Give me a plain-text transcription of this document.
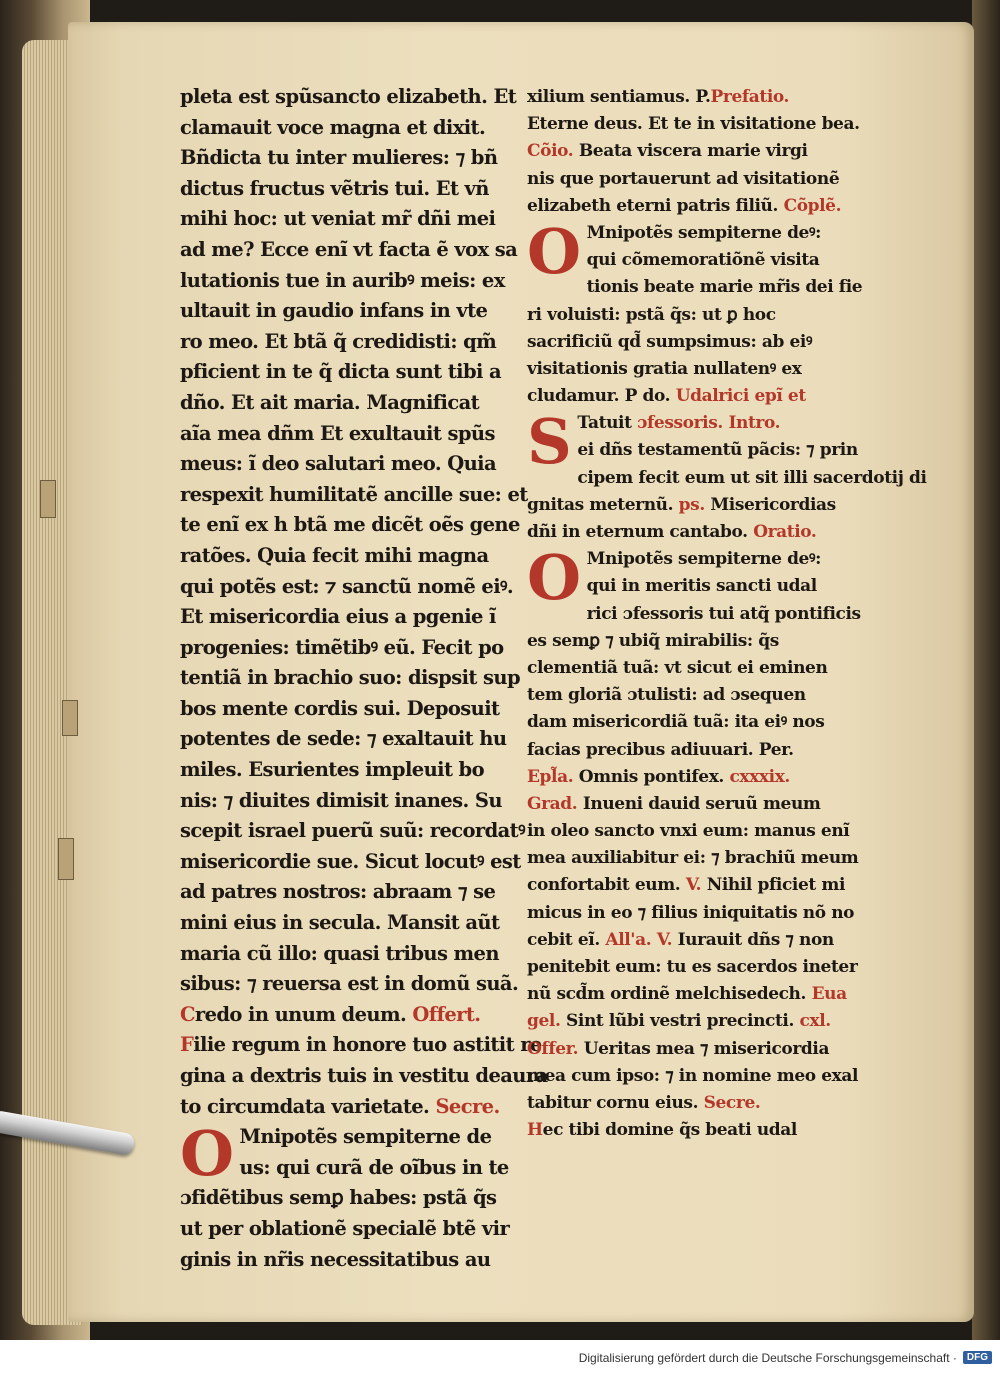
pleta est spũsancto elizabeth. Et
clamauit voce magna et dixit.
Bñdicta tu inter mulieres: ⁊ bñ
dictus fructus vẽtris tui. Et vñ
mihi hoc: ut veniat mr̃ dñi mei
ad me? Ecce enĩ vt facta ẽ vox sa
lutationis tue in auribꝰ meis: ex
ultauit in gaudio infans in vte
ro meo. Et btã q̃ credidisti: qm̃
pficient in te q̃ dicta sunt tibi a
dño. Et ait maria. Magnificat
aĩa mea dñm Et exultauit spũs
meus: ĩ deo salutari meo. Quia
respexit humilitatẽ ancille sue: et
te enĩ ex h btã me dicẽt oẽs gene
ratões. Quia fecit mihi magna
qui potẽs est: ⁊ sanctũ nomẽ eiꝰ.
Et misericordia eius a pgenie ĩ
progenies: timẽtibꝰ eũ. Fecit po
tentiã in brachio suo: dispsit sup
bos mente cordis sui. Deposuit
potentes de sede: ⁊ exaltauit hu
miles. Esurientes impleuit bo
nis: ⁊ diuites dimisit inanes. Su
scepit israel puerũ suũ: recordatꝰ
misericordie sue. Sicut locutꝰ est
ad patres nostros: abraam ⁊ se
mini eius in secula. Mansit aũt
maria cũ illo: quasi tribus men
sibus: ⁊ reuersa est in domũ suã.
Credo in unum deum. Offert.
Filie regum in honore tuo astitit re
gina a dextris tuis in vestitu deaura
to circumdata varietate. Secre.
O Mnipotẽs sempiterne de
us: qui curã de oĩbus in te
ɔfidẽtibus semꝑ habes: pstã q̃s
ut per oblationẽ specialẽ btẽ vir
ginis in nr̃is necessitatibus au
xilium sentiamus. P.Prefatio.
Eterne deus. Et te in visitatione bea.
Cõio. Beata viscera marie virgi
nis que portauerunt ad visitationẽ
elizabeth eterni patris filiũ. Cõplẽ.
O Mnipotẽs sempiterne deꝰ:
qui cõmemoratiõnẽ visita
tionis beate marie mr̃is dei fie
ri voluisti: pstã q̃s: ut ꝑ hoc
sacrificiũ qd̃ sumpsimus: ab eiꝰ
visitationis gratia nullatenꝰ ex
cludamur. P do. Udalrici epĩ et
S Tatuit ɔfessoris. Intro.
ei dñs testamentũ pãcis: ⁊ prin
cipem fecit eum ut sit illi sacerdotij di
gnitas meternũ. ps. Misericordias
dñi in eternum cantabo. Oratio.
O Mnipotẽs sempiterne deꝰ:
qui in meritis sancti udal
rici ɔfessoris tui atq̃ pontificis
es semꝑ ⁊ ubiq̃ mirabilis: q̃s
clementiã tuã: vt sicut ei eminen
tem gloriã ɔtulisti: ad ɔsequen
dam misericordiã tuã: ita eiꝰ nos
facias precibus adiuuari. Per.
Epl̃a. Omnis pontifex. cxxxix.
Grad. Inueni dauid seruũ meum
in oleo sancto vnxi eum: manus enĩ
mea auxiliabitur ei: ⁊ brachiũ meum
confortabit eum. V. Nihil pficiet mi
micus in eo ⁊ filius iniquitatis nõ no
cebit eĩ. All'a. V. Iurauit dñs ⁊ non
penitebit eum: tu es sacerdos ineter
nũ scd̃m ordinẽ melchisedech. Eua
gel. Sint lũbi vestri precincti. cxl.
Offer. Ueritas mea ⁊ misericordia
mea cum ipso: ⁊ in nomine meo exal
tabitur cornu eius. Secre.
Hec tibi domine q̃s beati udal
Digitalisierung gefördert durch die Deutsche Forschungsgemeinschaft ·	DFG
